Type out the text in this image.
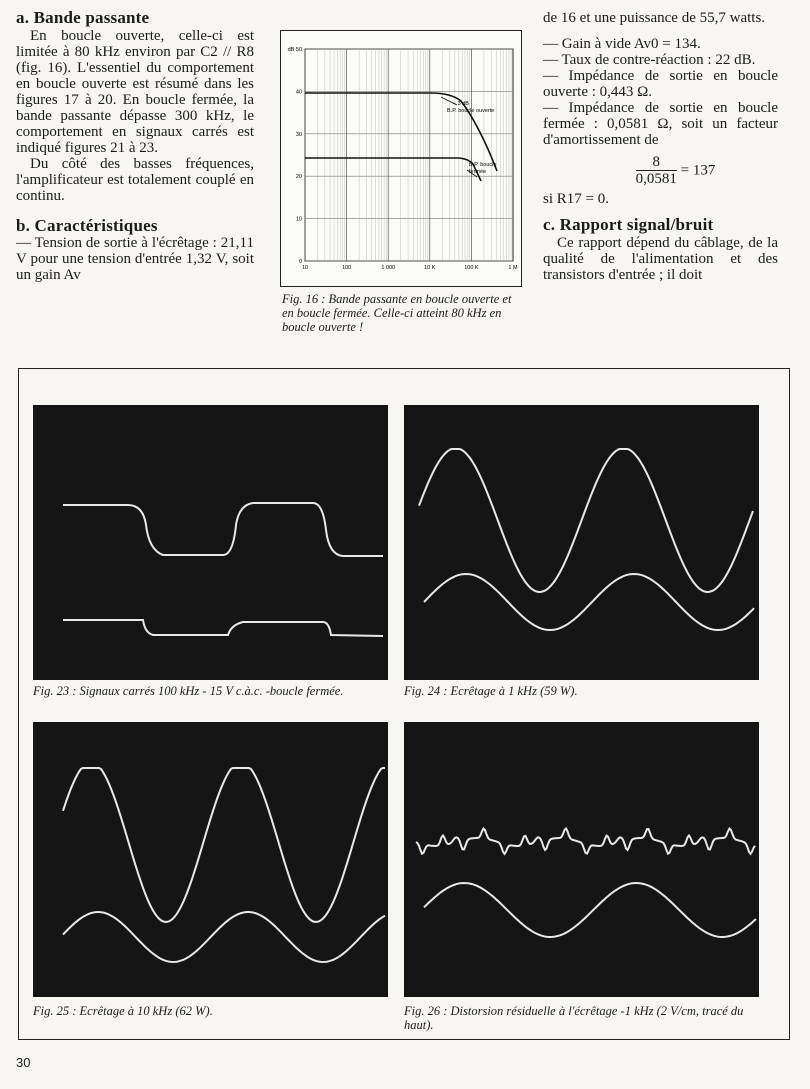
a. Bande passante

En boucle ouverte, celle-ci est limitée à 80 kHz environ par C2 // R8 (fig. 16). L'essentiel du comportement en boucle ouverte est résumé dans les figures 17 à 20. En boucle fermée, la bande passante dépasse 300 kHz, le comportement en signaux carrés est indiqué figures 21 à 23.

Du côté des basses fréquences, l'amplificateur est totalement couplé en continu.

b. Caractéristiques

— Tension de sortie à l'écrêtage : 21,11 V pour une tension d'entrée 1,32 V, soit un gain Av

dB 50
40
30
20
10
0
10	100	1 000	10 K	100 K	1 M
– 3 dB B.P. boucle ouverte
B.P. boucle fermée
Fig. 16 : Bande passante en boucle ouverte et en boucle fermée. Celle-ci atteint 80 kHz en boucle ouverte !

de 16 et une puissance de 55,7 watts.

— Gain à vide Av0 = 134.

— Taux de contre-réaction : 22 dB.

— Impédance de sortie en boucle ouverte : 0,443 Ω.

— Impédance de sortie en boucle fermée : 0,0581 Ω, soit un facteur d'amortissement de

$\frac{8}{0,0581} = 137$

si R17 = 0.

c. Rapport signal/bruit

Ce rapport dépend du câblage, de la qualité de l'alimentation et des transistors d'entrée ; il doit

Fig. 23 : Signaux carrés 100 kHz - 15 V c.à.c. -boucle fermée.	Fig. 24 : Ecrêtage à 1 kHz (59 W).
Fig. 25 : Ecrêtage à 10 kHz (62 W).	Fig. 26 : Distorsion résiduelle à l'écrêtage -1 kHz (2 V/cm, tracé du haut).
30
